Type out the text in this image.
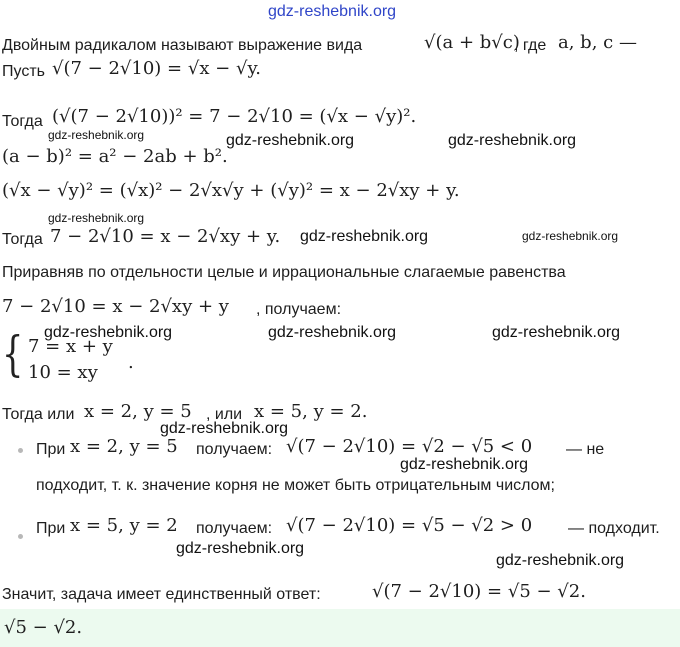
gdz-reshebnik.org
Двойным радикалом называют выражение вида	√(a + b√c)
, где a, b, c —
Пусть √(7 − 2√10) = √x − √y.
Тогда (√(7 − 2√10))² = 7 − 2√10 = (√x − √y)².
gdz-reshebnik.org	gdz-reshebnik.org	gdz-reshebnik.org
(a − b)² = a² − 2ab + b².
(√x − √y)² = (√x)² − 2√x√y + (√y)² = x − 2√xy + y.
gdz-reshebnik.org
Тогда 7 − 2√10 = x − 2√xy + y. gdz-reshebnik.org	gdz-reshebnik.org
Приравняв по отдельности целые и иррациональные слагаемые равенства
7 − 2√10 = x − 2√xy + y , получаем:
gdz-reshebnik.org	gdz-reshebnik.org	gdz-reshebnik.org
{ 7 = x + y
10 = xy .
Тогда или x = 2, y = 5 , или x = 5, y = 2.
gdz-reshebnik.org
При x = 2, y = 5 получаем: √(7 − 2√10) = √2 − √5 < 0 — не
gdz-reshebnik.org
подходит, т. к. значение корня не может быть отрицательным числом;
При x = 5, y = 2 получаем: √(7 − 2√10) = √5 − √2 > 0 — подходит.
gdz-reshebnik.org
gdz-reshebnik.org
Значит, задача имеет единственный ответ:	√(7 − 2√10) = √5 − √2.
√5 − √2.
